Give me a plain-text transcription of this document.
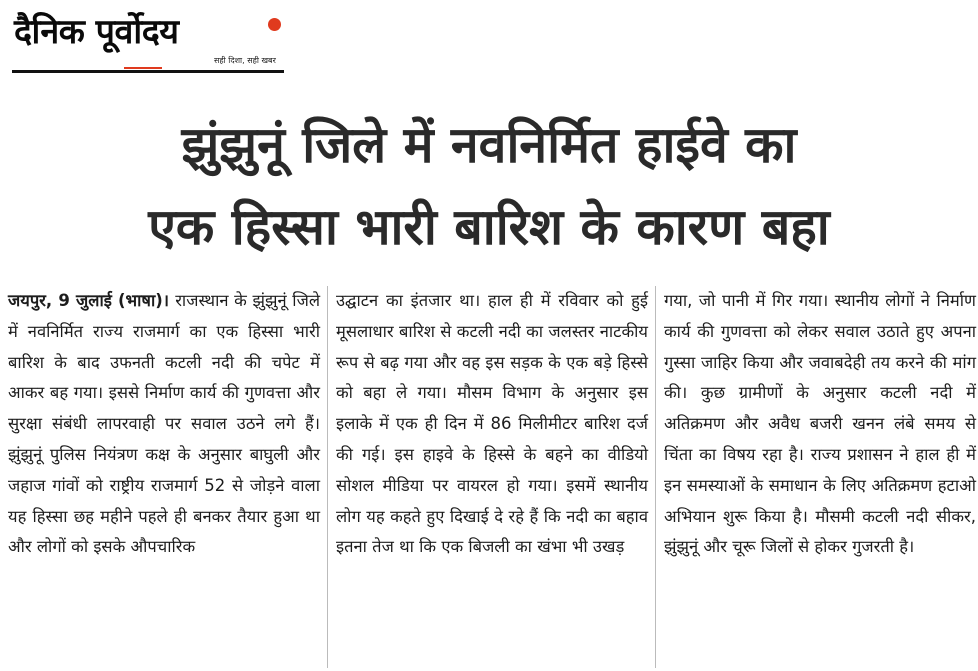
दैनिक पूर्वोदय
सही दिशा, सही खबर
झुंझुनूं जिले में नवनिर्मित हाईवे का
एक हिस्सा भारी बारिश के कारण बहा

जयपुर, 9 जुलाई (भाषा)। राजस्थान के झुंझुनूं जिले में नवनिर्मित राज्य राजमार्ग का एक हिस्सा भारी बारिश के बाद उफनती कटली नदी की चपेट में आकर बह गया। इससे निर्माण कार्य की गुणवत्ता और सुरक्षा संबंधी लापरवाही पर सवाल उठने लगे हैं। झुंझुनूं पुलिस नियंत्रण कक्ष के अनुसार बाघुली और जहाज गांवों को राष्ट्रीय राजमार्ग 52 से जोड़ने वाला यह हिस्सा छह महीने पहले ही बनकर तैयार हुआ था और लोगों को इसके औपचारिक

उद्घाटन का इंतजार था। हाल ही में रविवार को हुई मूसलाधार बारिश से कटली नदी का जलस्तर नाटकीय रूप से बढ़ गया और वह इस सड़क के एक बड़े हिस्से को बहा ले गया। मौसम विभाग के अनुसार इस इलाके में एक ही दिन में 86 मिलीमीटर बारिश दर्ज की गई। इस हाइवे के हिस्से के बहने का वीडियो सोशल मीडिया पर वायरल हो गया। इसमें स्थानीय लोग यह कहते हुए दिखाई दे रहे हैं कि नदी का बहाव इतना तेज था कि एक बिजली का खंभा भी उखड़

गया, जो पानी में गिर गया। स्थानीय लोगों ने निर्माण कार्य की गुणवत्ता को लेकर सवाल उठाते हुए अपना गुस्सा जाहिर किया और जवाबदेही तय करने की मांग की। कुछ ग्रामीणों के अनुसार कटली नदी में अतिक्रमण और अवैध बजरी खनन लंबे समय से चिंता का विषय रहा है। राज्य प्रशासन ने हाल ही में इन समस्याओं के समाधान के लिए अतिक्रमण हटाओ अभियान शुरू किया है। मौसमी कटली नदी सीकर, झुंझुनूं और चूरू जिलों से होकर गुजरती है।
